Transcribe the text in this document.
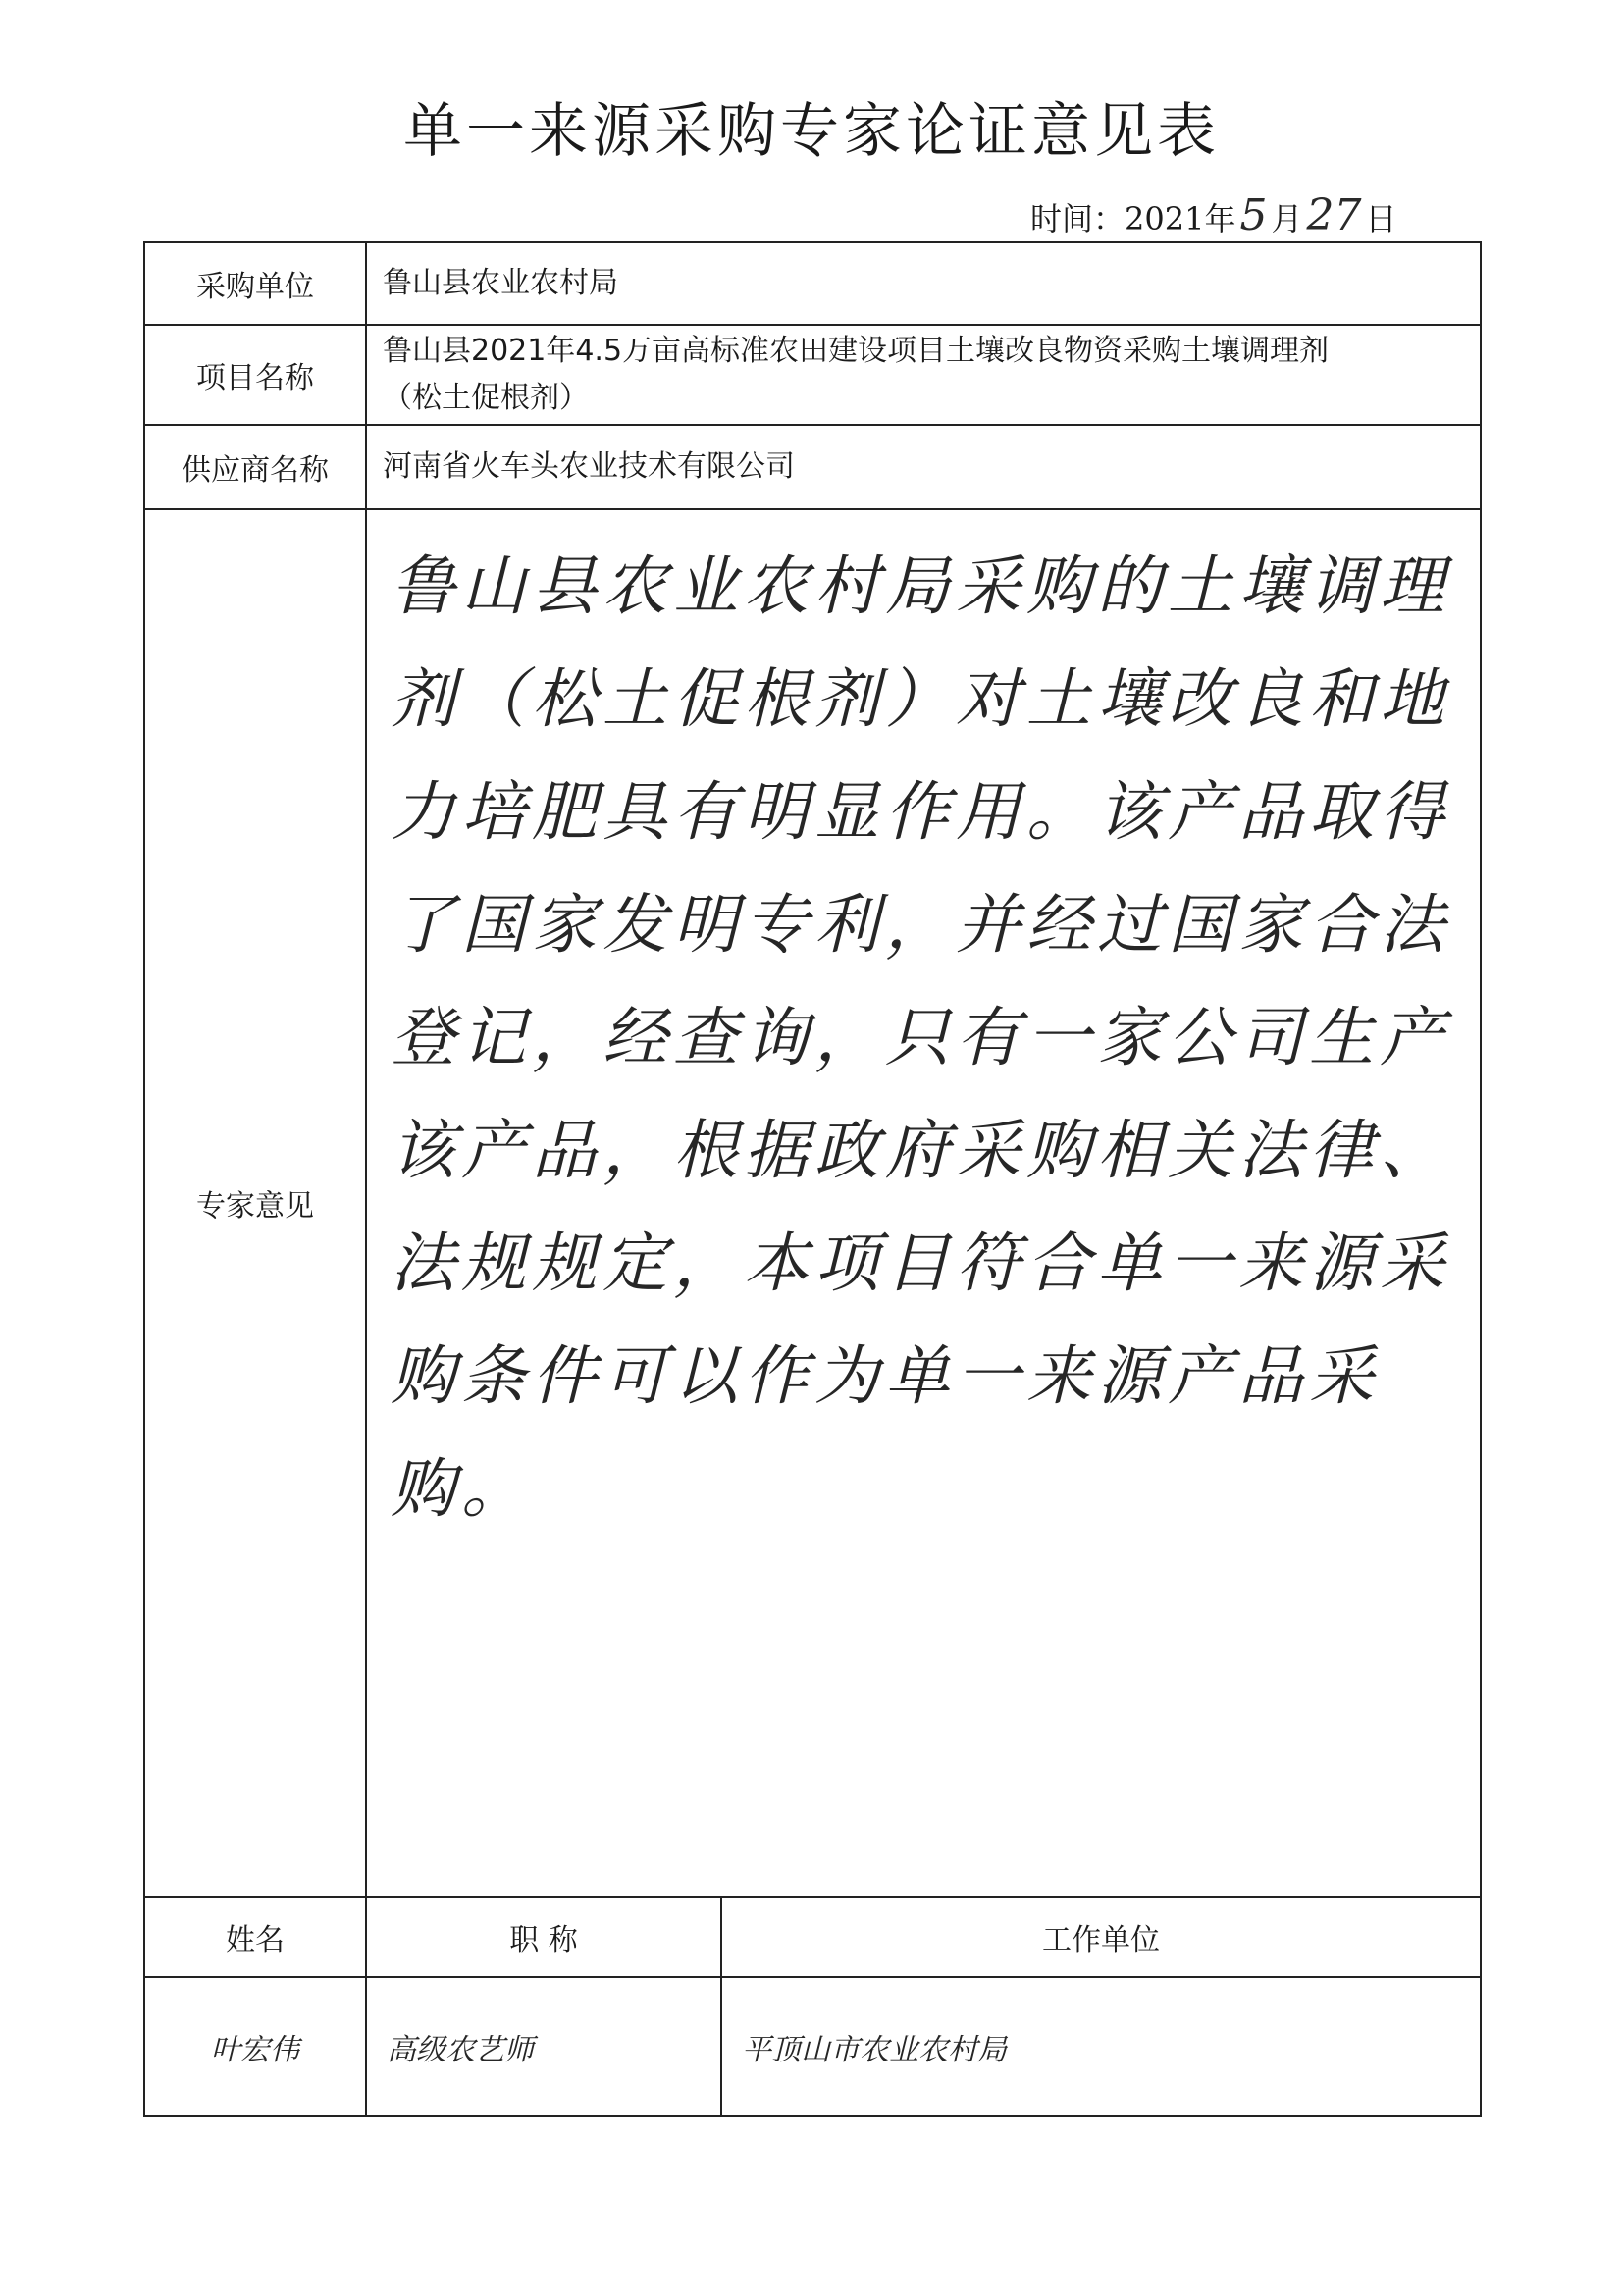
单一来源采购专家论证意见表
时间：2021年5 月27 日
采购单位	鲁山县农业农村局	
项目名称	鲁山县2021年4.5万亩高标准农田建设项目土壤改良物资采购土壤调理剂
（松土促根剂）	

供应商名称	河南省火车头农业技术有限公司	
专家意见	鲁山县农业农村局采购的土壤调理剂（松土促根剂）对土壤改良和地力培肥具有明显作用。该产品取得了国家发明专利，并经过国家合法登记，经查询，只有一家公司生产该产品，根据政府采购相关法律、法规规定，本项目符合单一来源采购条件可以作为单一来源产品采购。	

姓名	职 称	工作单位
叶宏伟	高级农艺师	平顶山市农业农村局
